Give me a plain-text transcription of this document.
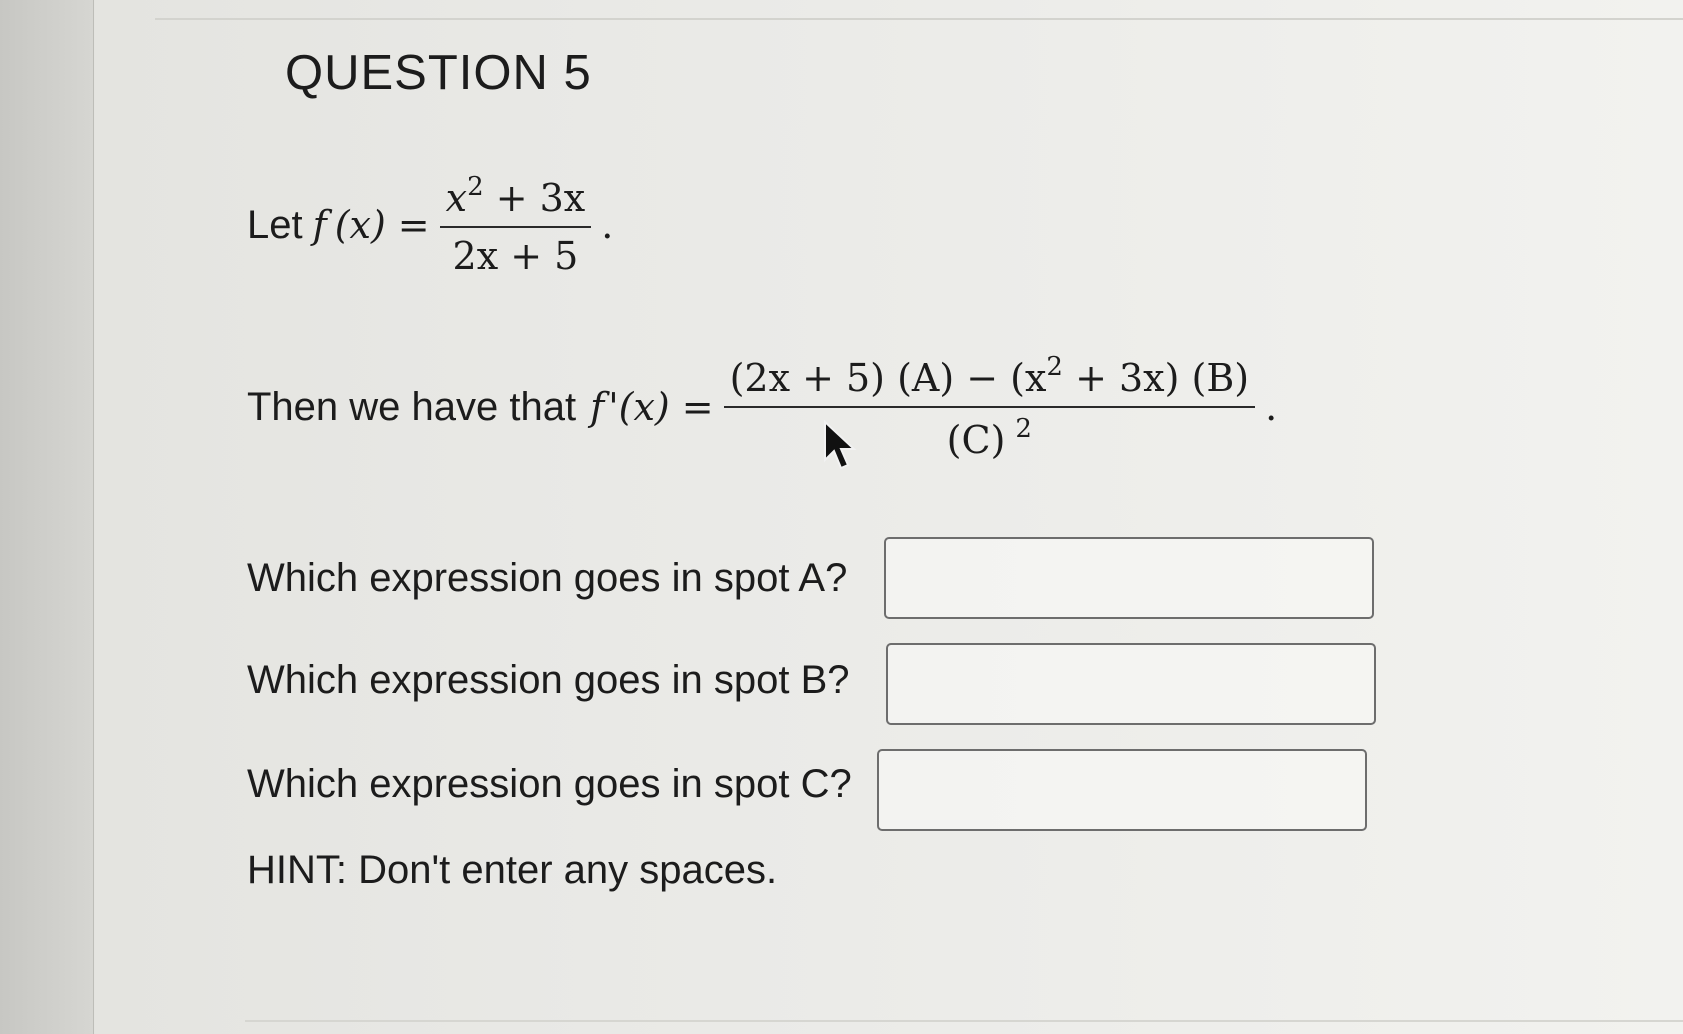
QUESTION 5
Let f $(x) = \frac{x^2 + 3x}{2x + 5}$ .
Then we have that f '$(x) = \frac{(2x + 5) (A) - (x^2 + 3x) (B)}{(C) ^2}$ .
Which expression goes in spot A?
Which expression goes in spot B?
Which expression goes in spot C?
HINT: Don't enter any spaces.
